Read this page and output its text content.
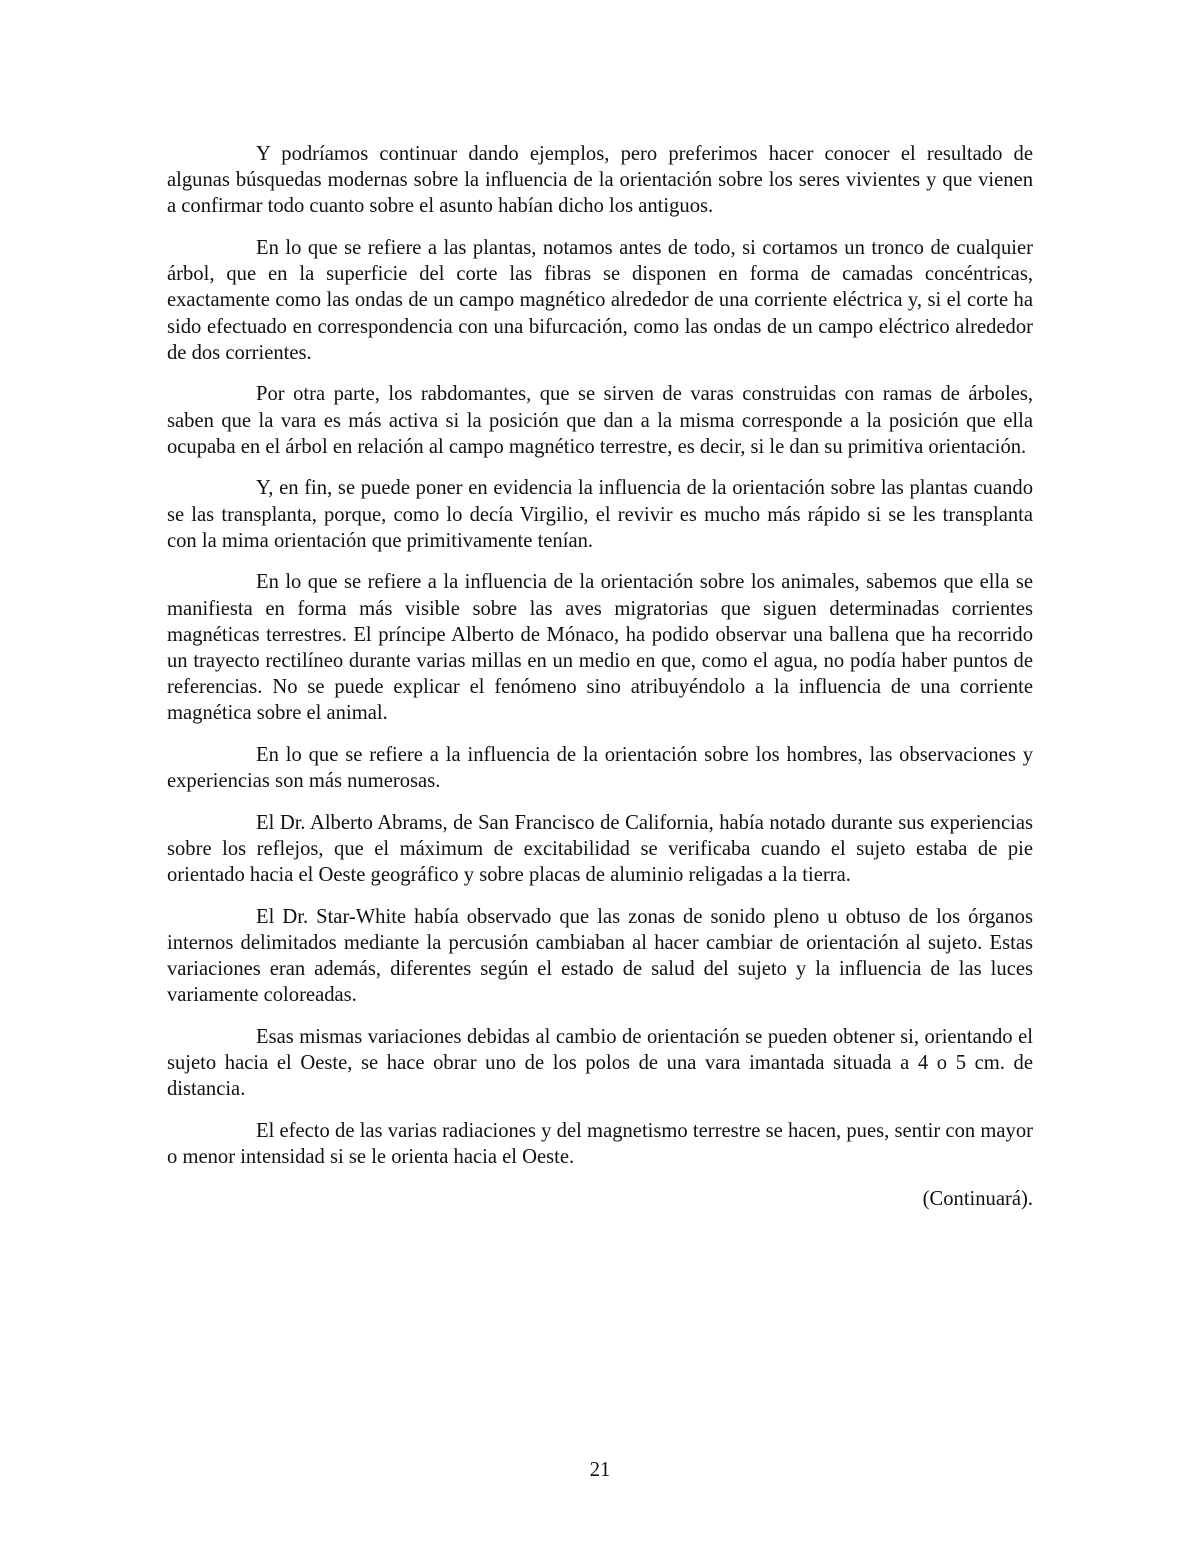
Y podríamos continuar dando ejemplos, pero preferimos hacer conocer el resultado de algunas búsquedas modernas sobre la influencia de la orientación sobre los seres vivientes y que vienen a confirmar todo cuanto sobre el asunto habían dicho los antiguos.

En lo que se refiere a las plantas, notamos antes de todo, si cortamos un tronco de cualquier árbol, que en la superficie del corte las fibras se disponen en forma de camadas concéntricas, exactamente como las ondas de un campo magnético alrededor de una corriente eléctrica y, si el corte ha sido efectuado en correspondencia con una bifurcación, como las ondas de un campo eléctrico alrededor de dos corrientes.

Por otra parte, los rabdomantes, que se sirven de varas construidas con ramas de árboles, saben que la vara es más activa si la posición que dan a la misma corresponde a la posición que ella ocupaba en el árbol en relación al campo magnético terrestre, es decir, si le dan su primitiva orientación.

Y, en fin, se puede poner en evidencia la influencia de la orientación sobre las plantas cuando se las transplanta, porque, como lo decía Virgilio, el revivir es mucho más rápido si se les transplanta con la mima orientación que primitivamente tenían.

En lo que se refiere a la influencia de la orientación sobre los animales, sabemos que ella se manifiesta en forma más visible sobre las aves migratorias que siguen determinadas corrientes magnéticas terrestres. El príncipe Alberto de Mónaco, ha podido observar una ballena que ha recorrido un trayecto rectilíneo durante varias millas en un medio en que, como el agua, no podía haber puntos de referencias. No se puede explicar el fenómeno sino atribuyéndolo a la influencia de una corriente magnética sobre el animal.

En lo que se refiere a la influencia de la orientación sobre los hombres, las observaciones y experiencias son más numerosas.

El Dr. Alberto Abrams, de San Francisco de California, había notado durante sus experiencias sobre los reflejos, que el máximum de excitabilidad se verificaba cuando el sujeto estaba de pie orientado hacia el Oeste geográfico y sobre placas de aluminio religadas a la tierra.

El Dr. Star-White había observado que las zonas de sonido pleno u obtuso de los órganos internos delimitados mediante la percusión cambiaban al hacer cambiar de orientación al sujeto. Estas variaciones eran además, diferentes según el estado de salud del sujeto y la influencia de las luces variamente coloreadas.

Esas mismas variaciones debidas al cambio de orientación se pueden obtener si, orientando el sujeto hacia el Oeste, se hace obrar uno de los polos de una vara imantada situada a 4 o 5 cm. de distancia.

El efecto de las varias radiaciones y del magnetismo terrestre se hacen, pues, sentir con mayor o menor intensidad si se le orienta hacia el Oeste.

(Continuará).

21
